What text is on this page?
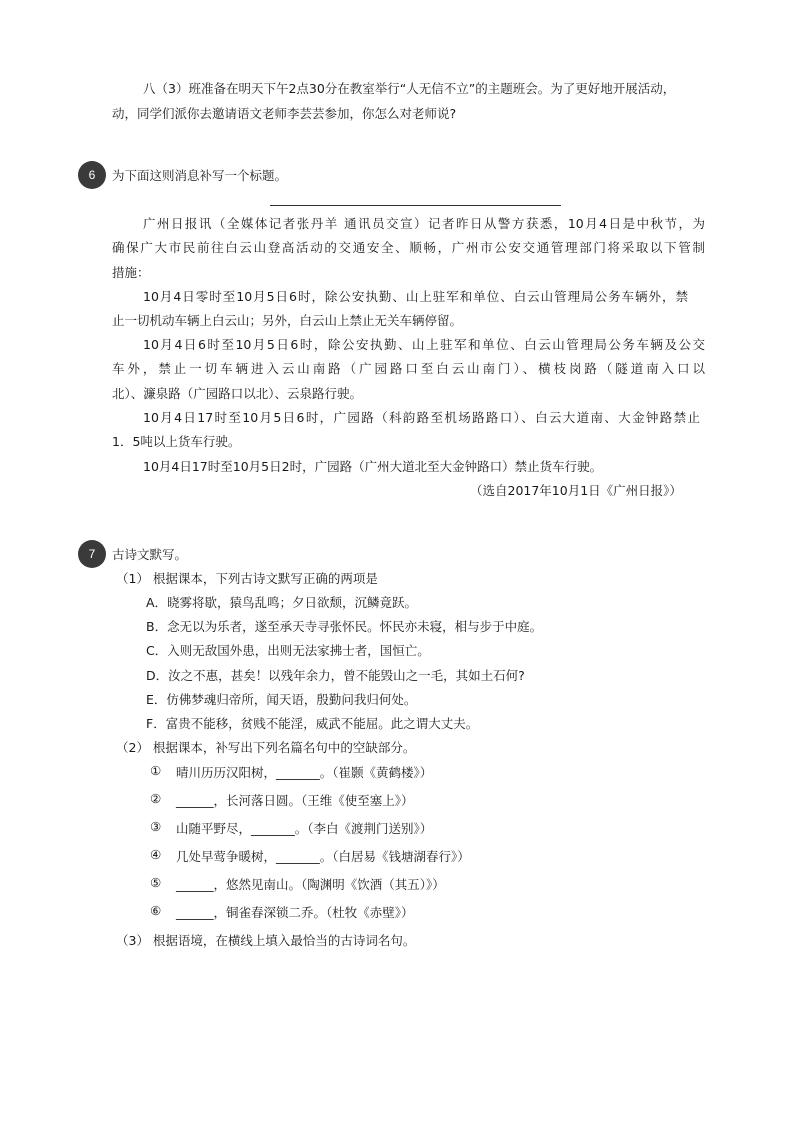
八（3）班准备在明天下午2点30分在教室举行“人无信不立”的主题班会。为了更好地开展活动，
动，同学们派你去邀请语文老师李芸芸参加，你怎么对老师说?
6	为下面这则消息补写一个标题。
广州日报讯（全媒体记者张丹羊 通讯员交宣）记者昨日从警方获悉，10月4日是中秋节，为
确保广大市民前往白云山登高活动的交通安全、顺畅，广州市公安交通管理部门将采取以下管制
措施：
10月4日零时至10月5日6时，除公安执勤、山上驻军和单位、白云山管理局公务车辆外，禁
止一切机动车辆上白云山；另外，白云山上禁止无关车辆停留。
10月4日6时至10月5日6时，除公安执勤、山上驻军和单位、白云山管理局公务车辆及公交
车外，禁止一切车辆进入云山南路（广园路口至白云山南门）、横枝岗路（隧道南入口以
北）、濂泉路（广园路口以北）、云泉路行驶。
10月4日17时至10月5日6时，广园路（科韵路至机场路路口）、白云大道南、大金钟路禁止
1．5吨以上货车行驶。
10月4日17时至10月5日2时，广园路（广州大道北至大金钟路口）禁止货车行驶。
（选自2017年10月1日《广州日报》）
7	古诗文默写。
（1） 根据课本，下列古诗文默写正确的两项是
A．晓雾将歇，猿鸟乱鸣；夕日欲颓，沉鳞竟跃。
B．念无以为乐者，遂至承天寺寻张怀民。怀民亦未寝，相与步于中庭。
C．入则无敌国外患，出则无法家拂士者，国恒亡。
D．汝之不惠，甚矣！以残年余力，曾不能毁山之一毛，其如土石何?
E．仿佛梦魂归帝所，闻天语，殷勤问我归何处。
F．富贵不能移，贫贱不能淫，威武不能屈。此之谓大丈夫。
（2） 根据课本，补写出下列名篇名句中的空缺部分。
① 晴川历历汉阳树，_______。（崔颢《黄鹤楼》）
② ______，长河落日圆。（王维《使至塞上》）
③ 山随平野尽，_______。（李白《渡荆门送别》）
④ 几处早莺争暖树，_______。（白居易《钱塘湖春行》）
⑤ ______，悠然见南山。（陶渊明《饮酒（其五）》）
⑥ ______，铜雀春深锁二乔。（杜牧《赤壁》）
（3） 根据语境，在横线上填入最恰当的古诗词名句。
